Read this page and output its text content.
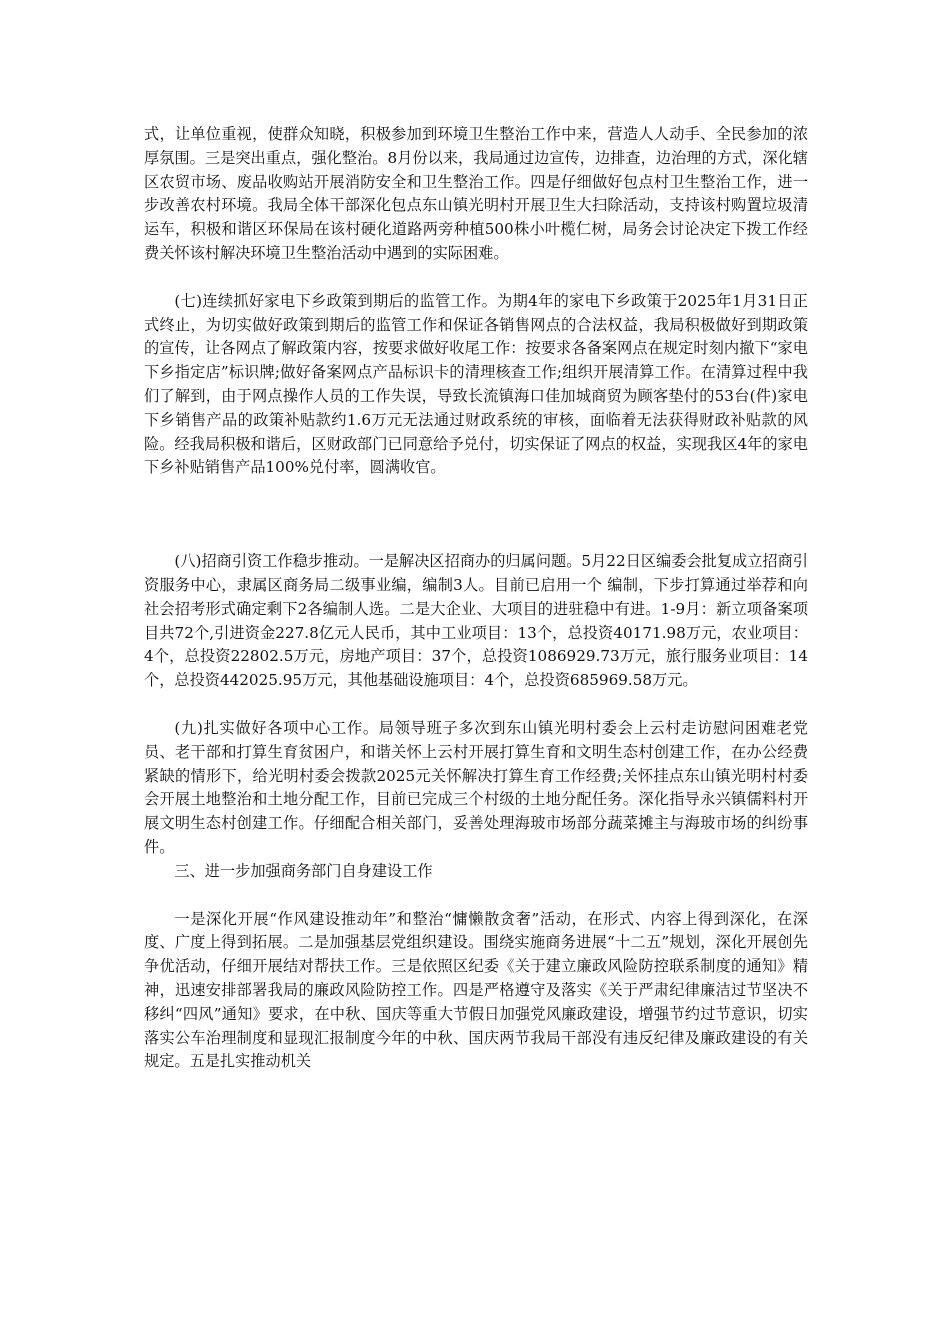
式，让单位重视，使群众知晓，积极参加到环境卫生整治工作中来，营造人人动手、全民参加的浓厚氛围。三是突出重点，强化整治。8月份以来，我局通过边宣传，边排查，边治理的方式，深化辖区农贸市场、废品收购站开展消防安全和卫生整治工作。四是仔细做好包点村卫生整治工作，进一步改善农村环境。我局全体干部深化包点东山镇光明村开展卫生大扫除活动，支持该村购置垃圾清运车，积极和谐区环保局在该村硬化道路两旁种植500株小叶榄仁树，局务会讨论决定下拨工作经费关怀该村解决环境卫生整治活动中遇到的实际困难。

(七)连续抓好家电下乡政策到期后的监管工作。为期4年的家电下乡政策于2025年1月31日正式终止，为切实做好政策到期后的监管工作和保证各销售网点的合法权益，我局积极做好到期政策的宣传，让各网点了解政策内容，按要求做好收尾工作：按要求各备案网点在规定时刻内撤下“家电下乡指定店”标识牌;做好备案网点产品标识卡的清理核查工作;组织开展清算工作。在清算过程中我们了解到，由于网点操作人员的工作失误，导致长流镇海口佳加城商贸为顾客垫付的53台(件)家电下乡销售产品的政策补贴款约1.6万元无法通过财政系统的审核，面临着无法获得财政补贴款的风险。经我局积极和谐后，区财政部门已同意给予兑付，切实保证了网点的权益，实现我区4年的家电下乡补贴销售产品100%兑付率，圆满收官。

(八)招商引资工作稳步推动。一是解决区招商办的归属问题。5月22日区编委会批复成立招商引资服务中心，隶属区商务局二级事业编，编制3人。目前已启用一个 编制，下步打算通过举荐和向社会招考形式确定剩下2各编制人选。二是大企业、大项目的进驻稳中有进。1-9月：新立项备案项目共72个,引进资金227.8亿元人民币，其中工业项目：13个，总投资40171.98万元，农业项目：4个，总投资22802.5万元，房地产项目：37个，总投资1086929.73万元，旅行服务业项目：14个，总投资442025.95万元，其他基础设施项目：4个，总投资685969.58万元。

(九)扎实做好各项中心工作。局领导班子多次到东山镇光明村委会上云村走访慰问困难老党员、老干部和打算生育贫困户，和谐关怀上云村开展打算生育和文明生态村创建工作，在办公经费紧缺的情形下，给光明村委会拨款2025元关怀解决打算生育工作经费;关怀挂点东山镇光明村村委会开展土地整治和土地分配工作，目前已完成三个村级的土地分配任务。深化指导永兴镇儒料村开展文明生态村创建工作。仔细配合相关部门，妥善处理海玻市场部分蔬菜摊主与海玻市场的纠纷事件。

三、进一步加强商务部门自身建设工作

一是深化开展“作风建设推动年”和整治“慵懒散贪奢”活动，在形式、内容上得到深化，在深度、广度上得到拓展。二是加强基层党组织建设。围绕实施商务进展“十二五”规划，深化开展创先争优活动，仔细开展结对帮扶工作。三是依照区纪委《关于建立廉政风险防控联系制度的通知》精神，迅速安排部署我局的廉政风险防控工作。四是严格遵守及落实《关于严肃纪律廉洁过节坚决不移纠“四风”通知》要求，在中秋、国庆等重大节假日加强党风廉政建设，增强节约过节意识，切实落实公车治理制度和显现汇报制度今年的中秋、国庆两节我局干部没有违反纪律及廉政建设的有关规定。五是扎实推动机关
